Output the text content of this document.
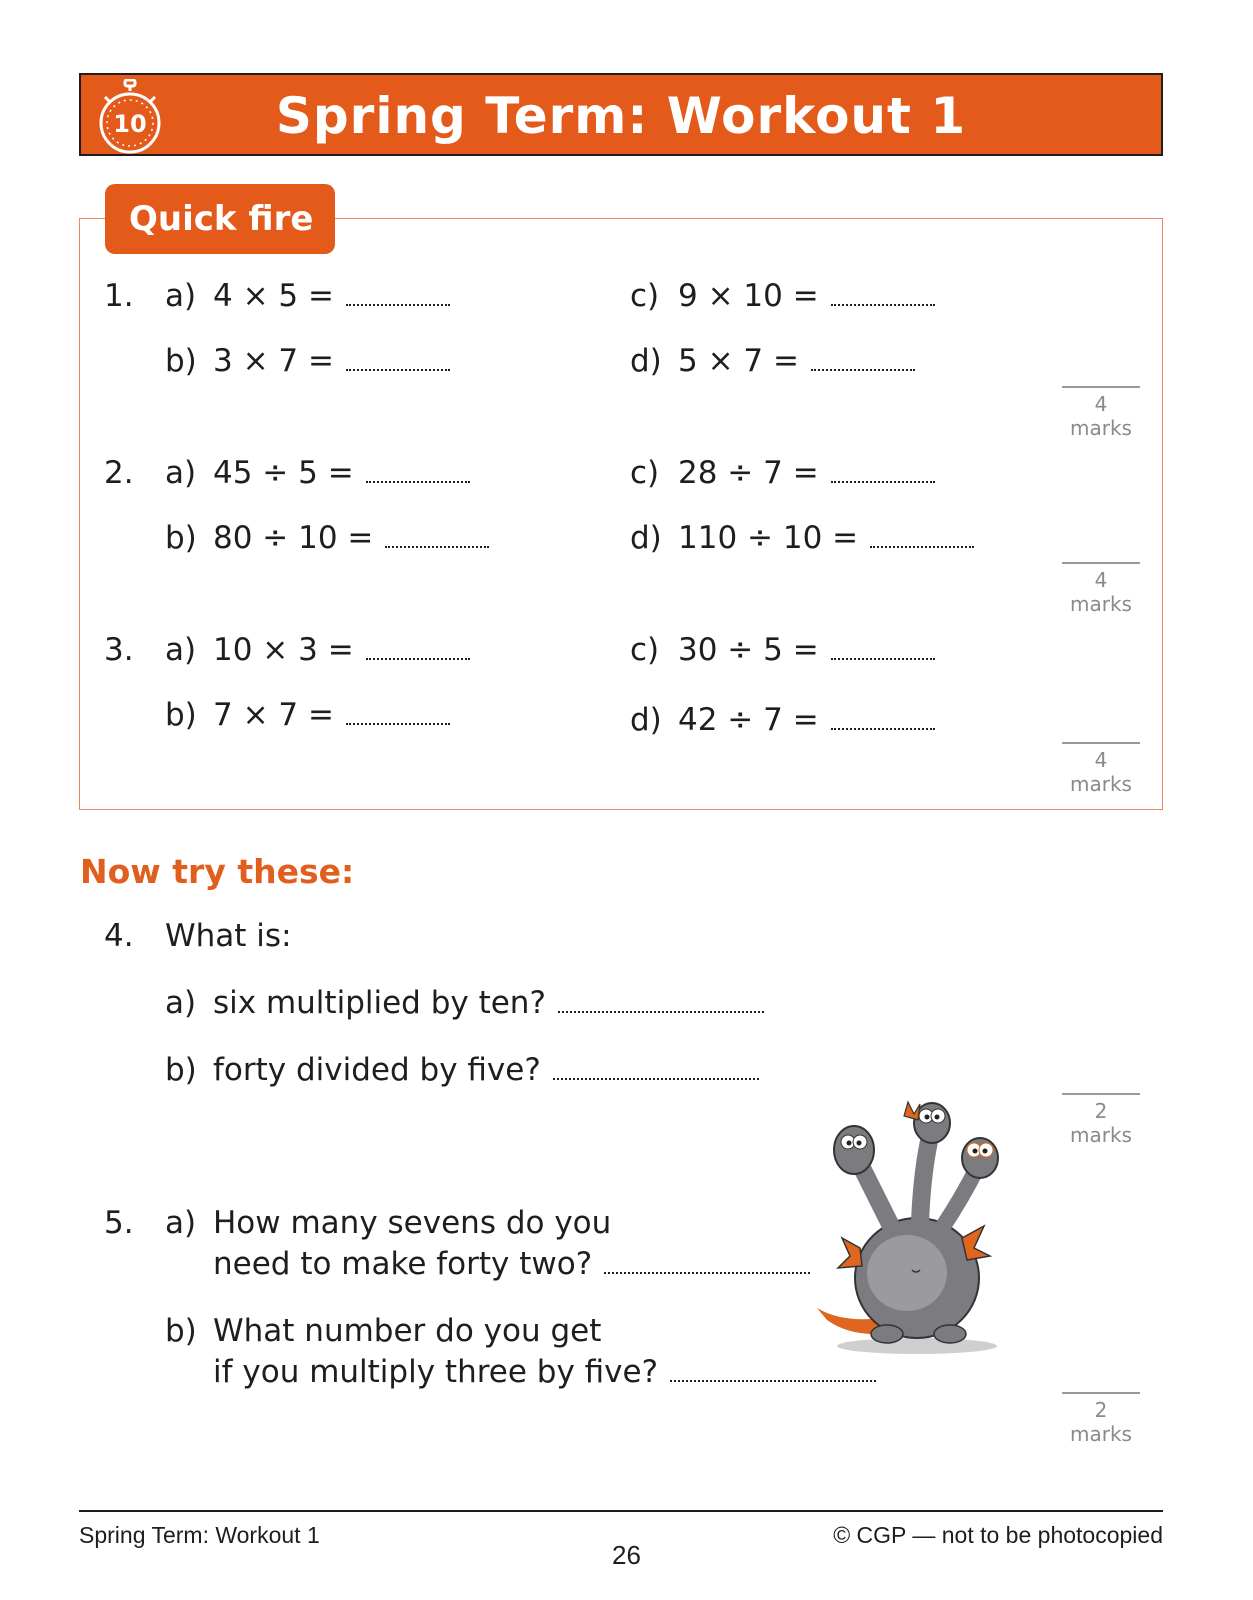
10	Spring Term: Workout 1
Quick fire
1. a) 4 × 5 =
b) 3 × 7 =
c) 9 × 10 =
d) 5 × 7 =
4 marks
2. a) 45 ÷ 5 =
b) 80 ÷ 10 =
c) 28 ÷ 7 =
d) 110 ÷ 10 =
4 marks
3. a) 10 × 3 =
b) 7 × 7 =
c) 30 ÷ 5 =
d) 42 ÷ 7 =
4 marks
Now try these:
4. What is:
a) six multiplied by ten?
b) forty divided by five?
2 marks
5. a) How many sevens do you
need to make forty two?
b) What number do you get
if you multiply three by five?
2 marks
Spring Term: Workout 1	© CGP — not to be photocopied
26
